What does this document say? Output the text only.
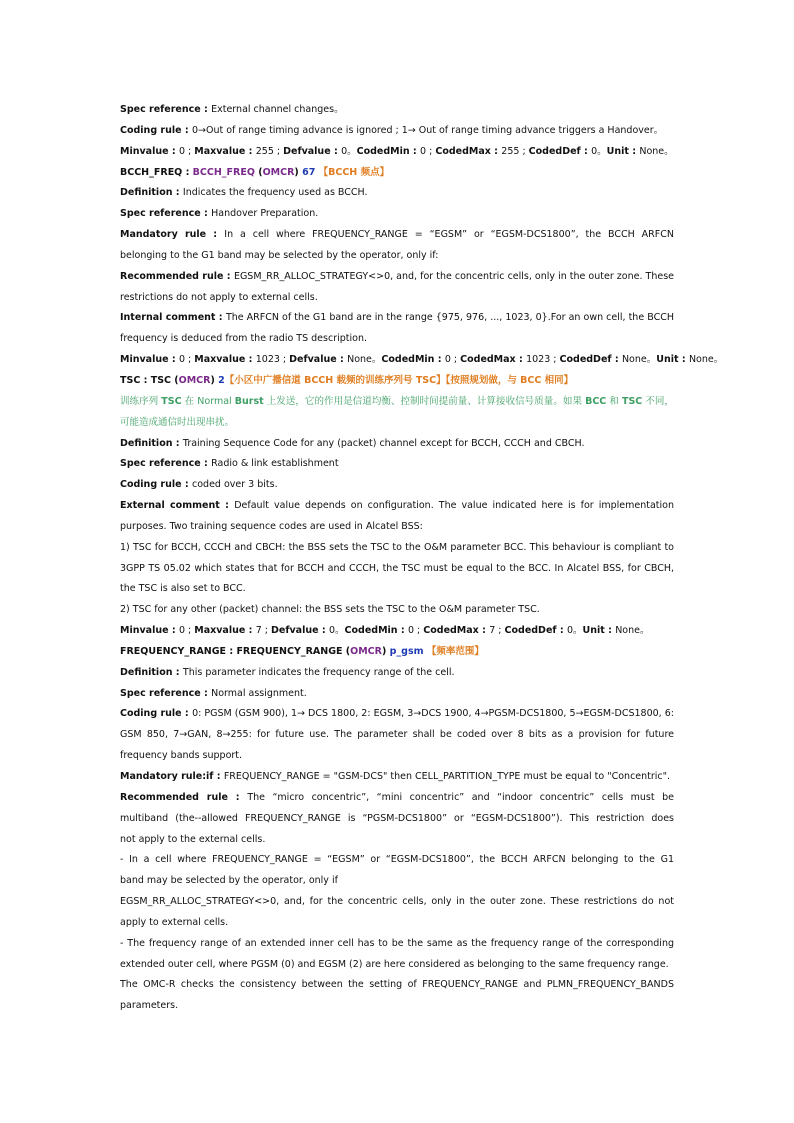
Spec reference : External channel changes。
Coding rule : 0→Out of range timing advance is ignored ; 1→ Out of range timing advance triggers a Handover。
Minvalue : 0 ; Maxvalue : 255 ; Defvalue : 0。CodedMin : 0 ; CodedMax : 255 ; CodedDef : 0。Unit : None。
BCCH_FREQ : BCCH_FREQ (OMCR) 67 【BCCH 频点】
Definition : Indicates the frequency used as BCCH.
Spec reference : Handover Preparation.
Mandatory rule : In a cell where FREQUENCY_RANGE = “EGSM” or “EGSM-DCS1800”, the BCCH ARFCN
belonging to the G1 band may be selected by the operator, only if:
Recommended rule : EGSM_RR_ALLOC_STRATEGY<>0, and, for the concentric cells, only in the outer zone. These
restrictions do not apply to external cells.
Internal comment : The ARFCN of the G1 band are in the range {975, 976, ..., 1023, 0}.For an own cell, the BCCH
frequency is deduced from the radio TS description.
Minvalue : 0 ; Maxvalue : 1023 ; Defvalue : None。CodedMin : 0 ; CodedMax : 1023 ; CodedDef : None。Unit : None。
TSC : TSC (OMCR) 2【小区中广播信道 BCCH 载频的训练序列号 TSC】【按照规划做，与 BCC 相同】
训练序列 TSC 在 Normal Burst 上发送，它的作用是信道均衡、控制时间提前量、计算接收信号质量。如果 BCC 和 TSC 不同，
可能造成通信时出现串扰。
Definition : Training Sequence Code for any (packet) channel except for BCCH, CCCH and CBCH.
Spec reference : Radio & link establishment
Coding rule : coded over 3 bits.
External comment : Default value depends on configuration. The value indicated here is for implementation
purposes. Two training sequence codes are used in Alcatel BSS:
1) TSC for BCCH, CCCH and CBCH: the BSS sets the TSC to the O&M parameter BCC. This behaviour is compliant to
3GPP TS 05.02 which states that for BCCH and CCCH, the TSC must be equal to the BCC. In Alcatel BSS, for CBCH,
the TSC is also set to BCC.
2) TSC for any other (packet) channel: the BSS sets the TSC to the O&M parameter TSC.
Minvalue : 0 ; Maxvalue : 7 ; Defvalue : 0。CodedMin : 0 ; CodedMax : 7 ; CodedDef : 0。Unit : None。
FREQUENCY_RANGE : FREQUENCY_RANGE (OMCR) p_gsm 【频率范围】
Definition : This parameter indicates the frequency range of the cell.
Spec reference : Normal assignment.
Coding rule : 0: PGSM (GSM 900), 1→ DCS 1800, 2: EGSM, 3→DCS 1900, 4→PGSM-DCS1800, 5→EGSM-DCS1800, 6:
GSM 850, 7→GAN, 8→255: for future use. The parameter shall be coded over 8 bits as a provision for future
frequency bands support.
Mandatory rule:if : FREQUENCY_RANGE = "GSM-DCS" then CELL_PARTITION_TYPE must be equal to "Concentric".
Recommended rule : The “micro concentric”, “mini concentric” and “indoor concentric” cells must be
multiband (the--allowed FREQUENCY_RANGE is “PGSM-DCS1800” or “EGSM-DCS1800”). This restriction does
not apply to the external cells.
- In a cell where FREQUENCY_RANGE = “EGSM” or “EGSM-DCS1800”, the BCCH ARFCN belonging to the G1
band may be selected by the operator, only if
EGSM_RR_ALLOC_STRATEGY<>0, and, for the concentric cells, only in the outer zone. These restrictions do not
apply to external cells.
- The frequency range of an extended inner cell has to be the same as the frequency range of the corresponding
extended outer cell, where PGSM (0) and EGSM (2) are here considered as belonging to the same frequency range.
The OMC-R checks the consistency between the setting of FREQUENCY_RANGE and PLMN_FREQUENCY_BANDS
parameters.
